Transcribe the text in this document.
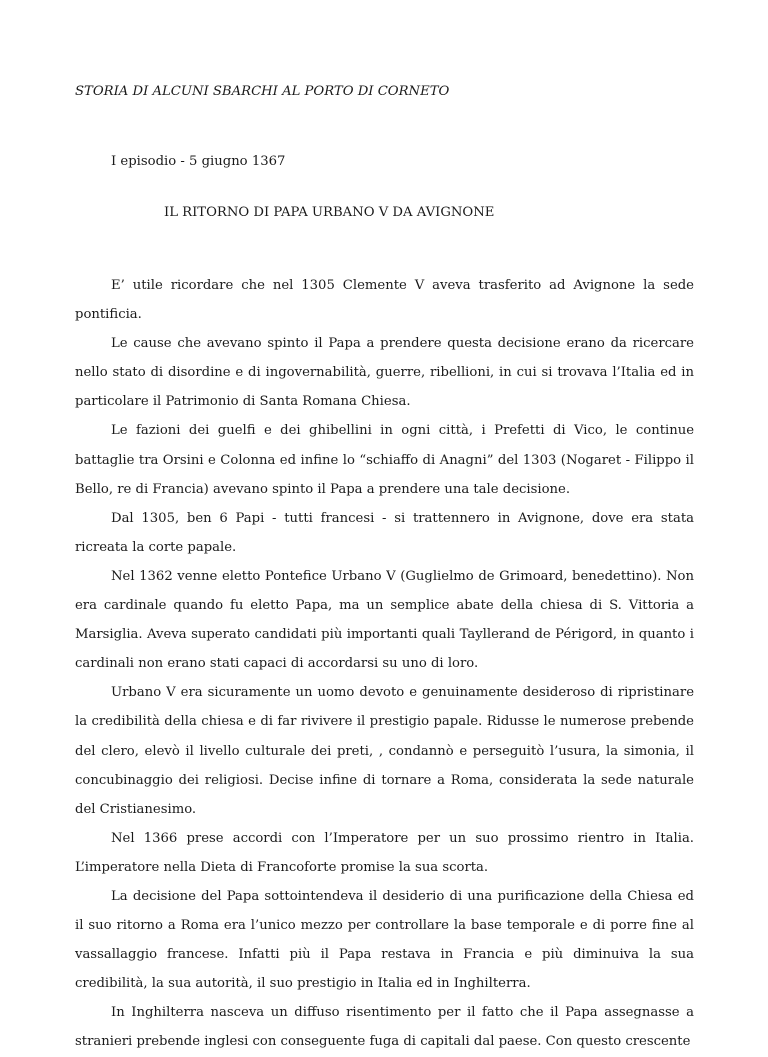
STORIA DI ALCUNI SBARCHI AL PORTO DI CORNETO
I episodio - 5 giugno 1367
IL RITORNO DI PAPA URBANO V DA AVIGNONE

E’ utile ricordare che nel 1305 Clemente V aveva trasferito ad Avignone la sede pontificia.

Le cause che avevano spinto il Papa a prendere questa decisione erano da ricercare nello stato di disordine e di ingovernabilità, guerre, ribellioni, in cui si trovava l’Italia ed in particolare il Patrimonio di Santa Romana Chiesa.

Le fazioni dei guelfi e dei ghibellini in ogni città, i Prefetti di Vico, le continue battaglie tra Orsini e Colonna ed infine lo “schiaffo di Anagni” del 1303 (Nogaret - Filippo il Bello, re di Francia) avevano spinto il Papa a prendere una tale decisione.

Dal 1305, ben 6 Papi - tutti francesi - si trattennero in Avignone, dove era stata ricreata la corte papale.

Nel 1362 venne eletto Pontefice Urbano V (Guglielmo de Grimoard, benedettino). Non era cardinale quando fu eletto Papa, ma un semplice abate della chiesa di S. Vittoria a Marsiglia. Aveva superato candidati più importanti quali Tayllerand de Périgord, in quanto i cardinali non erano stati capaci di accordarsi su uno di loro.

Urbano V era sicuramente un uomo devoto e genuinamente desideroso di ripristinare la credibilità della chiesa e di far rivivere il prestigio papale. Ridusse le numerose prebende del clero, elevò il livello culturale dei preti, , condannò e perseguitò l’usura, la simonia, il concubinaggio dei religiosi. Decise infine di tornare a Roma, considerata la sede naturale del Cristianesimo.

Nel 1366 prese accordi con l’Imperatore per un suo prossimo rientro in Italia. L’imperatore nella Dieta di Francoforte promise la sua scorta.

La decisione del Papa sottointendeva il desiderio di una purificazione della Chiesa ed il suo ritorno a Roma era l’unico mezzo per controllare la base temporale e di porre fine al vassallaggio francese. Infatti più il Papa restava in Francia e più diminuiva la sua credibilità, la sua autorità, il suo prestigio in Italia ed in Inghilterra.

In Inghilterra nasceva un diffuso risentimento per il fatto che il Papa assegnasse a stranieri prebende inglesi con conseguente fuga di capitali dal paese. Con questo crescente
